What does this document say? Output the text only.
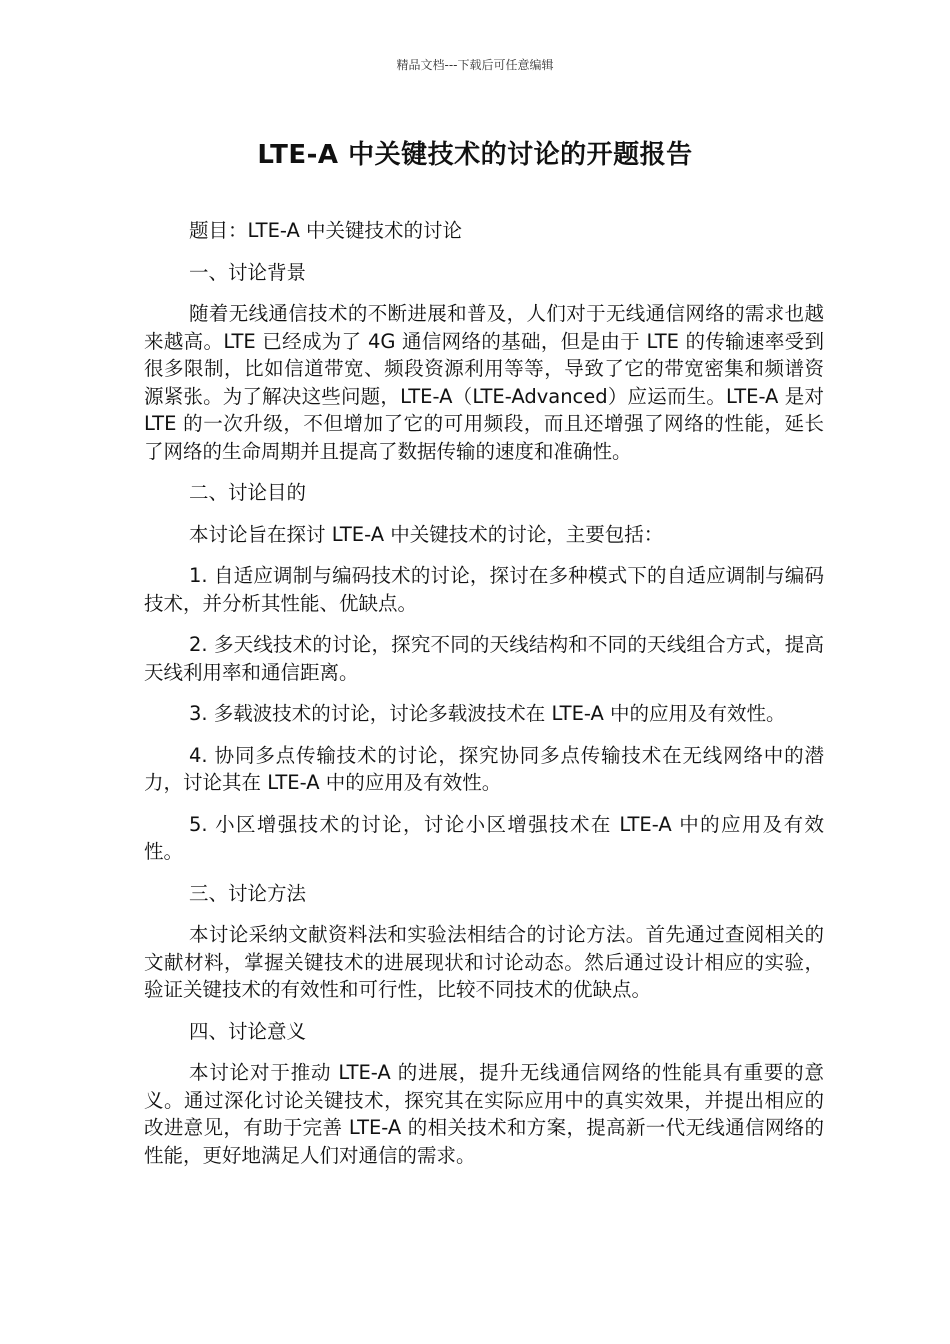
精品文档---下载后可任意编辑
LTE-A 中关键技术的讨论的开题报告

题目：LTE-A 中关键技术的讨论

一、讨论背景

随着无线通信技术的不断进展和普及，人们对于无线通信网络的需求也越来越高。LTE 已经成为了 4G 通信网络的基础，但是由于 LTE 的传输速率受到很多限制，比如信道带宽、频段资源利用等等，导致了它的带宽密集和频谱资源紧张。为了解决这些问题，LTE-A（LTE-Advanced）应运而生。LTE-A 是对 LTE 的一次升级，不但增加了它的可用频段，而且还增强了网络的性能，延长了网络的生命周期并且提高了数据传输的速度和准确性。

二、讨论目的

本讨论旨在探讨 LTE-A 中关键技术的讨论，主要包括：

1. 自适应调制与编码技术的讨论，探讨在多种模式下的自适应调制与编码技术，并分析其性能、优缺点。

2. 多天线技术的讨论，探究不同的天线结构和不同的天线组合方式，提高天线利用率和通信距离。

3. 多载波技术的讨论，讨论多载波技术在 LTE-A 中的应用及有效性。

4. 协同多点传输技术的讨论，探究协同多点传输技术在无线网络中的潜力，讨论其在 LTE-A 中的应用及有效性。

5. 小区增强技术的讨论，讨论小区增强技术在 LTE-A 中的应用及有效性。

三、讨论方法

本讨论采纳文献资料法和实验法相结合的讨论方法。首先通过查阅相关的文献材料，掌握关键技术的进展现状和讨论动态。然后通过设计相应的实验，验证关键技术的有效性和可行性，比较不同技术的优缺点。

四、讨论意义

本讨论对于推动 LTE-A 的进展，提升无线通信网络的性能具有重要的意义。通过深化讨论关键技术，探究其在实际应用中的真实效果，并提出相应的改进意见，有助于完善 LTE-A 的相关技术和方案，提高新一代无线通信网络的性能，更好地满足人们对通信的需求。
